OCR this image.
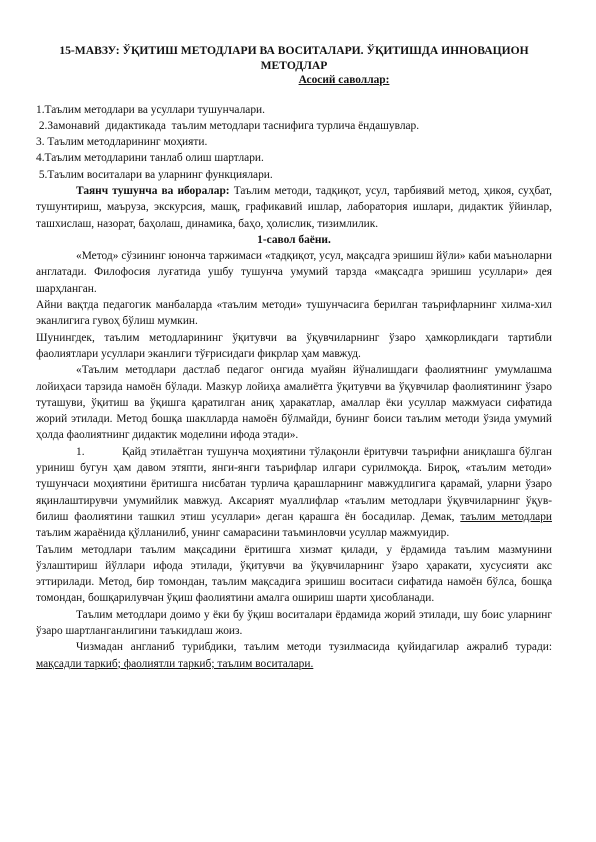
15-МАВЗУ: ЎҚИТИШ МЕТОДЛАРИ ВА ВОСИТАЛАРИ. ЎҚИТИШДА ИННОВАЦИОН

МЕТОДЛАР

Асосий саволлар:

1.Таълим методлари ва усуллари тушунчалари.
2.Замонавий  дидактикада  таълим методлари таснифига турлича ёндашувлар.
3. Таълим методларининг моҳияти.
4.Таълим методларини танлаб олиш шартлари.
5.Таълим воситалари ва уларнинг функциялари.

Таянч тушунча ва иборалар: Таълим методи, тадқиқот, усул, тарбиявий метод, ҳикоя, суҳбат, тушунтириш, маъруза, экскурсия, машқ, графикавий ишлар, лаборатория ишлари, дидактик ўйинлар, ташхислаш, назорат, баҳолаш, динамика, баҳо, ҳолислик, тизимлилик.

1-савол баёни.

«Метод» сўзининг юнонча таржимаси «тадқиқот, усул, мақсадга эришиш йўли» каби маъноларни англатади. Филофосия луғатида ушбу тушунча умумий тарзда «мақсадга эришиш усуллари» дея шарҳланган.

Айни вақтда педагогик манбаларда «таълим методи» тушунчасига берилган таърифларнинг хилма-хил эканлигига гувоҳ бўлиш мумкин.

Шунингдек, таълим методларининг ўқитувчи ва ўқувчиларнинг ўзаро ҳамкорликдаги тартибли фаолиятлари усуллари эканлиги тўғрисидаги фикрлар ҳам мавжуд.

«Таълим методлари дастлаб педагог онгида муайян йўналишдаги фаолиятнинг умумлашма лойиҳаси тарзида намоён бўлади. Мазкур лойиҳа амалиётга ўқитувчи ва ўқувчилар фаолиятининг ўзаро туташуви, ўқитиш ва ўқишга қаратилган аниқ ҳаракатлар, амаллар ёки усуллар мажмуаси сифатида жорий этилади. Метод бошқа шаклларда намоён бўлмайди, бунинг боиси таълим методи ўзида умумий ҳолда фаолиятнинг дидактик моделини ифода этади».

1.	Қайд этилаётган тушунча моҳиятини тўлақонли ёритувчи таърифни аниқлашга бўлган уриниш бугун ҳам давом этяпти, янги-янги таърифлар илгари сурилмоқда. Бироқ, «таълим методи» тушунчаси моҳиятини ёритишга нисбатан турлича қарашларнинг мавжудлигига қарамай, уларни ўзаро яқинлаштирувчи умумийлик мавжуд. Аксарият муаллифлар «таълим методлари ўқувчиларнинг ўқув-билиш фаолиятини ташкил этиш усуллари» деган қарашга ён босадилар. Демак, таълим методлари таълим жараёнида қўлланилиб, унинг самарасини таъминловчи усуллар мажмуидир.

Таълим методлари таълим мақсадини ёритишга хизмат қилади, у ёрдамида таълим мазмунини ўзлаштириш йўллари ифода этилади, ўқитувчи ва ўқувчиларнинг ўзаро ҳаракати, хусусияти акс эттирилади. Метод, бир томондан, таълим мақсадига эришиш воситаси сифатида намоён бўлса, бошқа томондан, бошқарилувчан ўқиш фаолиятини амалга ошириш шарти ҳисобланади.

Таълим методлари доимо у ёки бу ўқиш воситалари ёрдамида жорий этилади, шу боис уларнинг ўзаро шартланганлигини таъкидлаш жоиз.

Чизмадан англаниб турибдики, таълим методи тузилмасида қуйидагилар ажралиб туради: мақсадли таркиб; фаолиятли таркиб; таълим воситалари.
